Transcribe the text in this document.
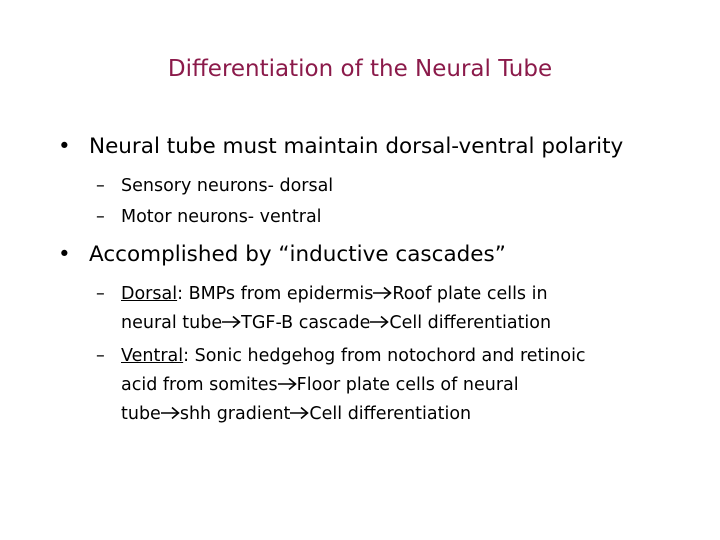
Differentiation of the Neural Tube
• Neural tube must maintain dorsal-ventral polarity
– Sensory neurons- dorsal
– Motor neurons- ventral
• Accomplished by “inductive cascades”
– Dorsal: BMPs from epidermis Roof plate cells in
neural tube TGF-B cascade Cell differentiation
– Ventral: Sonic hedgehog from notochord and retinoic
acid from somites Floor plate cells of neural
tube shh gradient Cell differentiation
